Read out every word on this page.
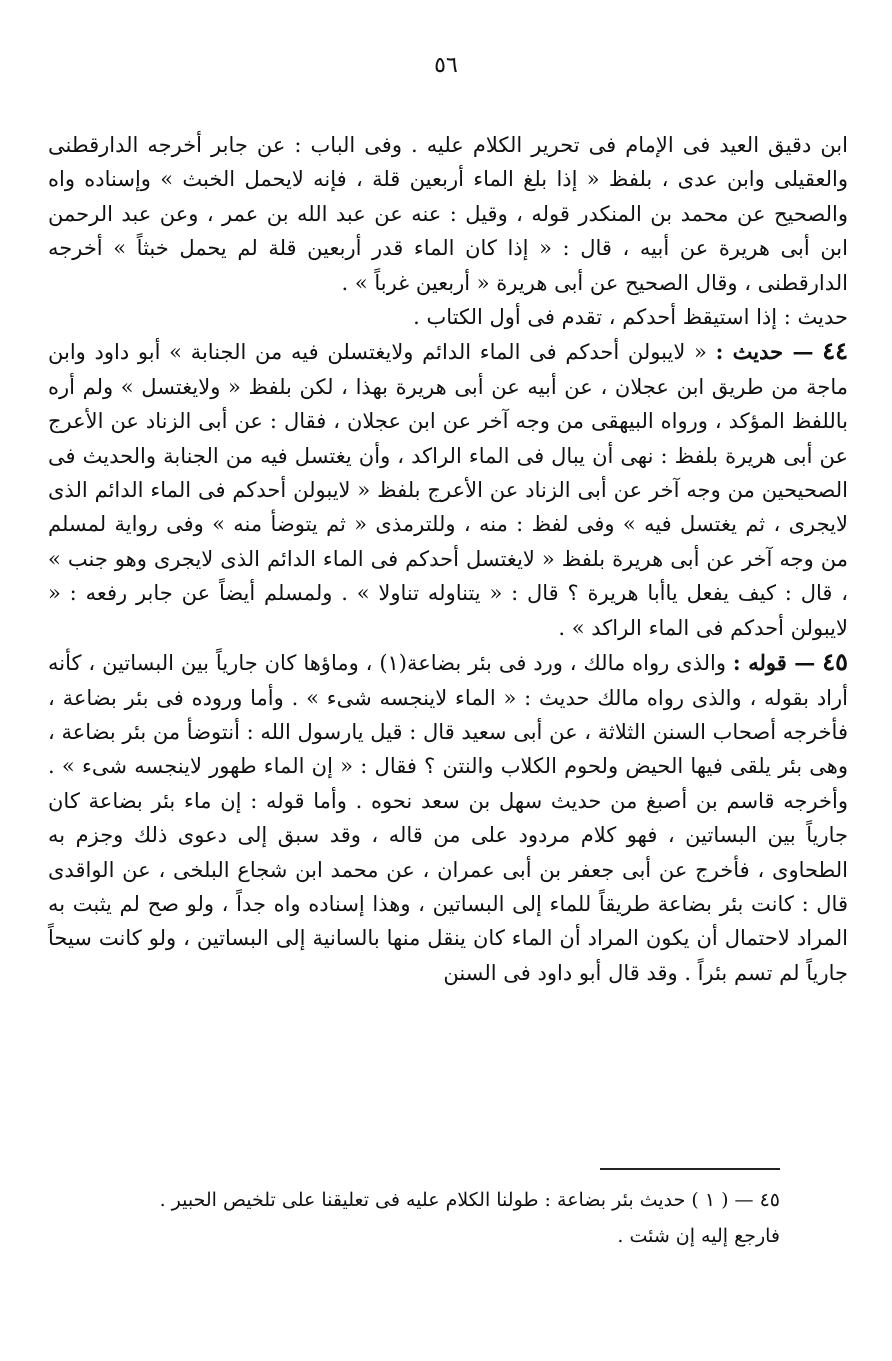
٥٦

ابن دقيق العيد فى الإمام فى تحرير الكلام عليه . وفى الباب : عن جابر أخرجه الدارقطنى والعقيلى وابن عدى ، بلفظ « إذا بلغ الماء أربعين قلة ، فإنه لايحمل الخبث » وإسناده واه والصحيح عن محمد بن المنكدر قوله ، وقيل : عنه عن عبد الله بن عمر ، وعن عبد الرحمن ابن أبى هريرة عن أبيه ، قال : « إذا كان الماء قدر أربعين قلة لم يحمل خبثاً » أخرجه الدارقطنى ، وقال الصحيح عن أبى هريرة « أربعين غرباً » .

حديث : إذا استيقظ أحدكم ، تقدم فى أول الكتاب .

٤٤ — حديث : « لايبولن أحدكم فى الماء الدائم ولايغتسلن فيه من الجنابة » أبو داود وابن ماجة من طريق ابن عجلان ، عن أبيه عن أبى هريرة بهذا ، لكن بلفظ « ولايغتسل » ولم أره باللفظ المؤكد ، ورواه البيهقى من وجه آخر عن ابن عجلان ، فقال : عن أبى الزناد عن الأعرج عن أبى هريرة بلفظ : نهى أن يبال فى الماء الراكد ، وأن يغتسل فيه من الجنابة والحديث فى الصحيحين من وجه آخر عن أبى الزناد عن الأعرج بلفظ « لايبولن أحدكم فى الماء الدائم الذى لايجرى ، ثم يغتسل فيه » وفى لفظ : منه ، وللترمذى « ثم يتوضأ منه » وفى رواية لمسلم من وجه آخر عن أبى هريرة بلفظ « لايغتسل أحدكم فى الماء الدائم الذى لايجرى وهو جنب » ، قال : كيف يفعل ياأبا هريرة ؟ قال : « يتناوله تناولا » . ولمسلم أيضاً عن جابر رفعه : « لايبولن أحدكم فى الماء الراكد » .

٤٥ — قوله : والذى رواه مالك ، ورد فى بئر بضاعة(١) ، وماؤها كان جارياً بين البساتين ، كأنه أراد بقوله ، والذى رواه مالك حديث : « الماء لاينجسه شىء » . وأما وروده فى بئر بضاعة ، فأخرجه أصحاب السنن الثلاثة ، عن أبى سعيد قال : قيل يارسول الله : أنتوضأ من بئر بضاعة ، وهى بئر يلقى فيها الحيض ولحوم الكلاب والنتن ؟ فقال : « إن الماء طهور لاينجسه شىء » . وأخرجه قاسم بن أصبغ من حديث سهل بن سعد نحوه . وأما قوله : إن ماء بئر بضاعة كان جارياً بين البساتين ، فهو كلام مردود على من قاله ، وقد سبق إلى دعوى ذلك وجزم به الطحاوى ، فأخرج عن أبى جعفر بن أبى عمران ، عن محمد ابن شجاع البلخى ، عن الواقدى قال : كانت بئر بضاعة طريقاً للماء إلى البساتين ، وهذا إسناده واه جداً ، ولو صح لم يثبت به المراد لاحتمال أن يكون المراد أن الماء كان ينقل منها بالسانية إلى البساتين ، ولو كانت سيحاً جارياً لم تسم بئراً . وقد قال أبو داود فى السنن

٤٥ — ( ١ ) حديث بئر بضاعة : طولنا الكلام عليه فى تعليقنا على تلخيص الحبير . فارجع إليه إن شئت .
